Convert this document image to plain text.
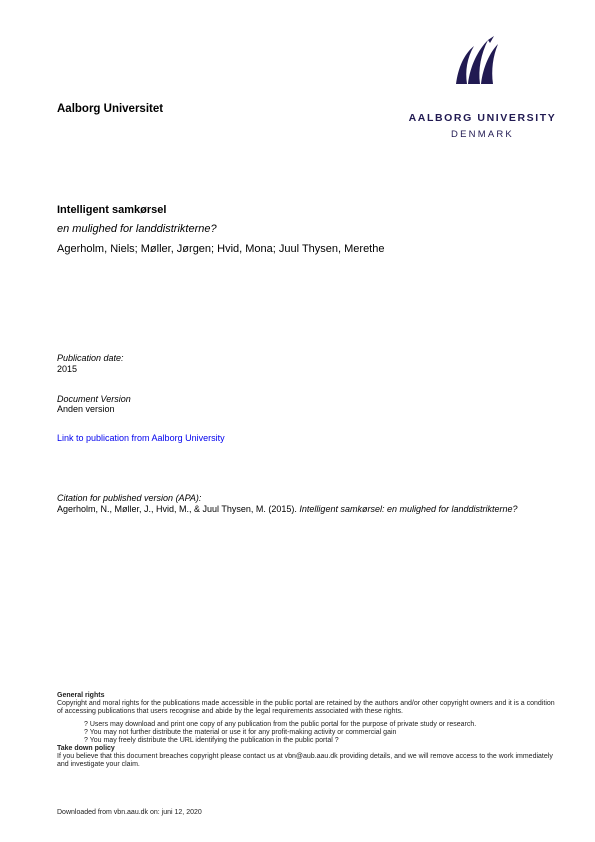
Aalborg Universitet
AALBORG UNIVERSITY
DENMARK
Intelligent samkørsel
en mulighed for landdistrikterne?
Agerholm, Niels; Møller, Jørgen; Hvid, Mona; Juul Thysen, Merethe
Publication date:
2015
Document Version
Anden version
Link to publication from Aalborg University
Citation for published version (APA):
Agerholm, N., Møller, J., Hvid, M., & Juul Thysen, M. (2015). Intelligent samkørsel: en mulighed for landdistrikterne?
General rights
Copyright and moral rights for the publications made accessible in the public portal are retained by the authors and/or other copyright owners and it is a condition of accessing publications that users recognise and abide by the legal requirements associated with these rights.
? Users may download and print one copy of any publication from the public portal for the purpose of private study or research.
? You may not further distribute the material or use it for any profit-making activity or commercial gain
? You may freely distribute the URL identifying the publication in the public portal ?
Take down policy
If you believe that this document breaches copyright please contact us at vbn@aub.aau.dk providing details, and we will remove access to the work immediately and investigate your claim.
Downloaded from vbn.aau.dk on: juni 12, 2020
